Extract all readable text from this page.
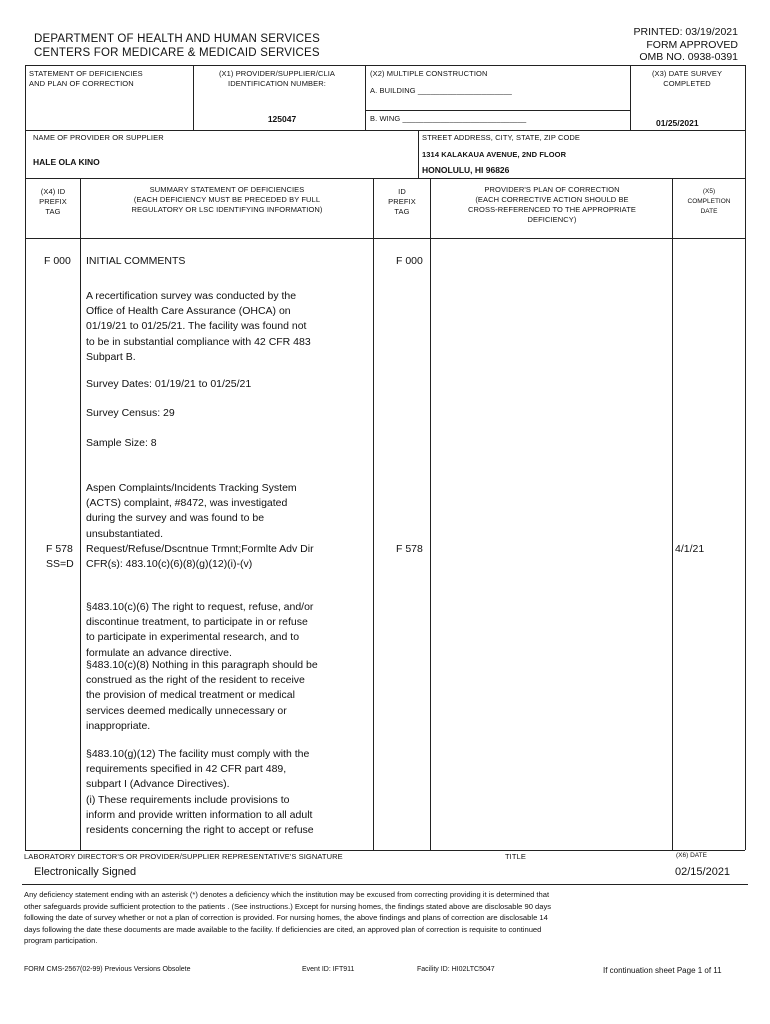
DEPARTMENT OF HEALTH AND HUMAN SERVICES
CENTERS FOR MEDICARE & MEDICAID SERVICES
PRINTED: 03/19/2021
FORM APPROVED
OMB NO. 0938-0391
STATEMENT OF DEFICIENCIES
AND PLAN OF CORRECTION
(X1) PROVIDER/SUPPLIER/CLIA
IDENTIFICATION NUMBER:
125047
(X2) MULTIPLE CONSTRUCTION
A. BUILDING ______________________
B. WING _____________________________
(X3) DATE SURVEY
COMPLETED
01/25/2021
NAME OF PROVIDER OR SUPPLIER
HALE OLA KINO
STREET ADDRESS, CITY, STATE, ZIP CODE
1314 KALAKAUA AVENUE, 2ND FLOOR
HONOLULU, HI 96826
(X4) ID
PREFIX
TAG
SUMMARY STATEMENT OF DEFICIENCIES
(EACH DEFICIENCY MUST BE PRECEDED BY FULL
REGULATORY OR LSC IDENTIFYING INFORMATION)
ID
PREFIX
TAG
PROVIDER'S PLAN OF CORRECTION
(EACH CORRECTIVE ACTION SHOULD BE
CROSS-REFERENCED TO THE APPROPRIATE
DEFICIENCY)
(X5)
COMPLETION
DATE
F 000	F 000
INITIAL COMMENTS
A recertification survey was conducted by the
Office of Health Care Assurance (OHCA) on
01/19/21 to 01/25/21. The facility was found not
to be in substantial compliance with 42 CFR 483
Subpart B.
Survey Dates: 01/19/21 to 01/25/21
Survey Census: 29
Sample Size: 8
Aspen Complaints/Incidents Tracking System
(ACTS) complaint, #8472, was investigated
during the survey and was found to be
unsubstantiated.
F 578
SS=D
Request/Refuse/Dscntnue Trmnt;Formlte Adv Dir
CFR(s): 483.10(c)(6)(8)(g)(12)(i)-(v)
F 578	4/1/21
§483.10(c)(6) The right to request, refuse, and/or
discontinue treatment, to participate in or refuse
to participate in experimental research, and to
formulate an advance directive.
§483.10(c)(8) Nothing in this paragraph should be
construed as the right of the resident to receive
the provision of medical treatment or medical
services deemed medically unnecessary or
inappropriate.
§483.10(g)(12) The facility must comply with the
requirements specified in 42 CFR part 489,
subpart I (Advance Directives).
(i) These requirements include provisions to
inform and provide written information to all adult
residents concerning the right to accept or refuse
LABORATORY DIRECTOR'S OR PROVIDER/SUPPLIER REPRESENTATIVE'S SIGNATURE	TITLE	(X6) DATE
Electronically Signed	02/15/2021
Any deficiency statement ending with an asterisk (*) denotes a deficiency which the institution may be excused from correcting providing it is determined that
other safeguards provide sufficient protection to the patients . (See instructions.) Except for nursing homes, the findings stated above are disclosable 90 days
following the date of survey whether or not a plan of correction is provided. For nursing homes, the above findings and plans of correction are disclosable 14
days following the date these documents are made available to the facility. If deficiencies are cited, an approved plan of correction is requisite to continued
program participation.
FORM CMS-2567(02-99) Previous Versions Obsolete	Event ID: IFT911	Facility ID: HI02LTC5047	If continuation sheet Page 1 of 11
